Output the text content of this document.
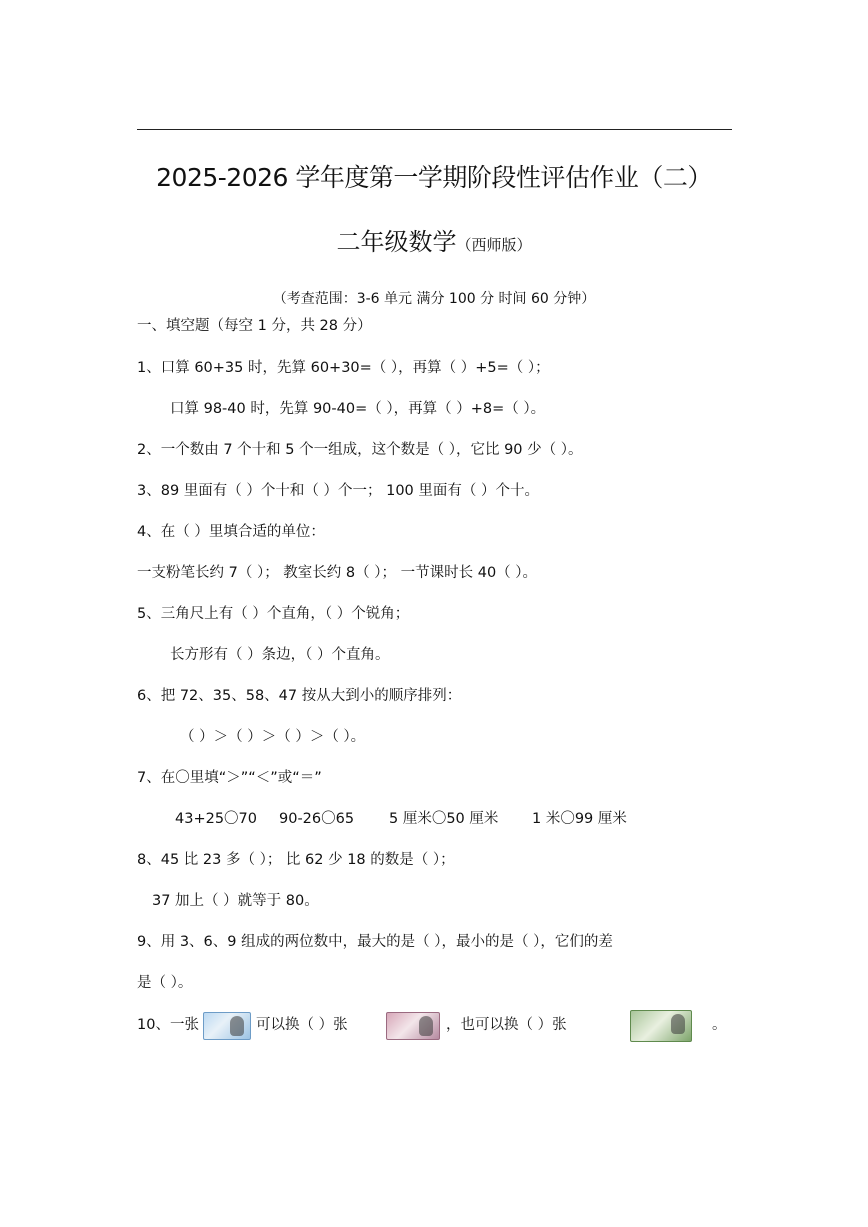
2025-2026 学年度第一学期阶段性评估作业（二）
二年级数学（西师版）
（考查范围：3-6 单元 满分 100 分 时间 60 分钟）
一、填空题（每空 1 分，共 28 分）
1、口算 60+35 时，先算 60+30=（ ），再算（ ）+5=（ ）；
口算 98-40 时，先算 90-40=（ ），再算（ ）+8=（ ）。
2、一个数由 7 个十和 5 个一组成，这个数是（ ），它比 90 少（ ）。
3、89 里面有（ ）个十和（ ）个一； 100 里面有（ ）个十。
4、在（ ）里填合适的单位：
一支粉笔长约 7（ ）； 教室长约 8（ ）； 一节课时长 40（ ）。
5、三角尺上有（ ）个直角，（ ）个锐角；
长方形有（ ）条边，（ ）个直角。
6、把 72、35、58、47 按从大到小的顺序排列：
（ ）＞（ ）＞（ ）＞（ ）。
7、在〇里填“＞”“＜”或“＝”
43+25〇70 90-26〇65 5 厘米〇50 厘米 1 米〇99 厘米
8、45 比 23 多（ ）； 比 62 少 18 的数是（ ）；
37 加上（ ）就等于 80。
9、用 3、6、9 组成的两位数中，最大的是（ ），最小的是（ ），它们的差
是（ ）。
10、一张	可以换（ ）张	，也可以换（ ）张	。
